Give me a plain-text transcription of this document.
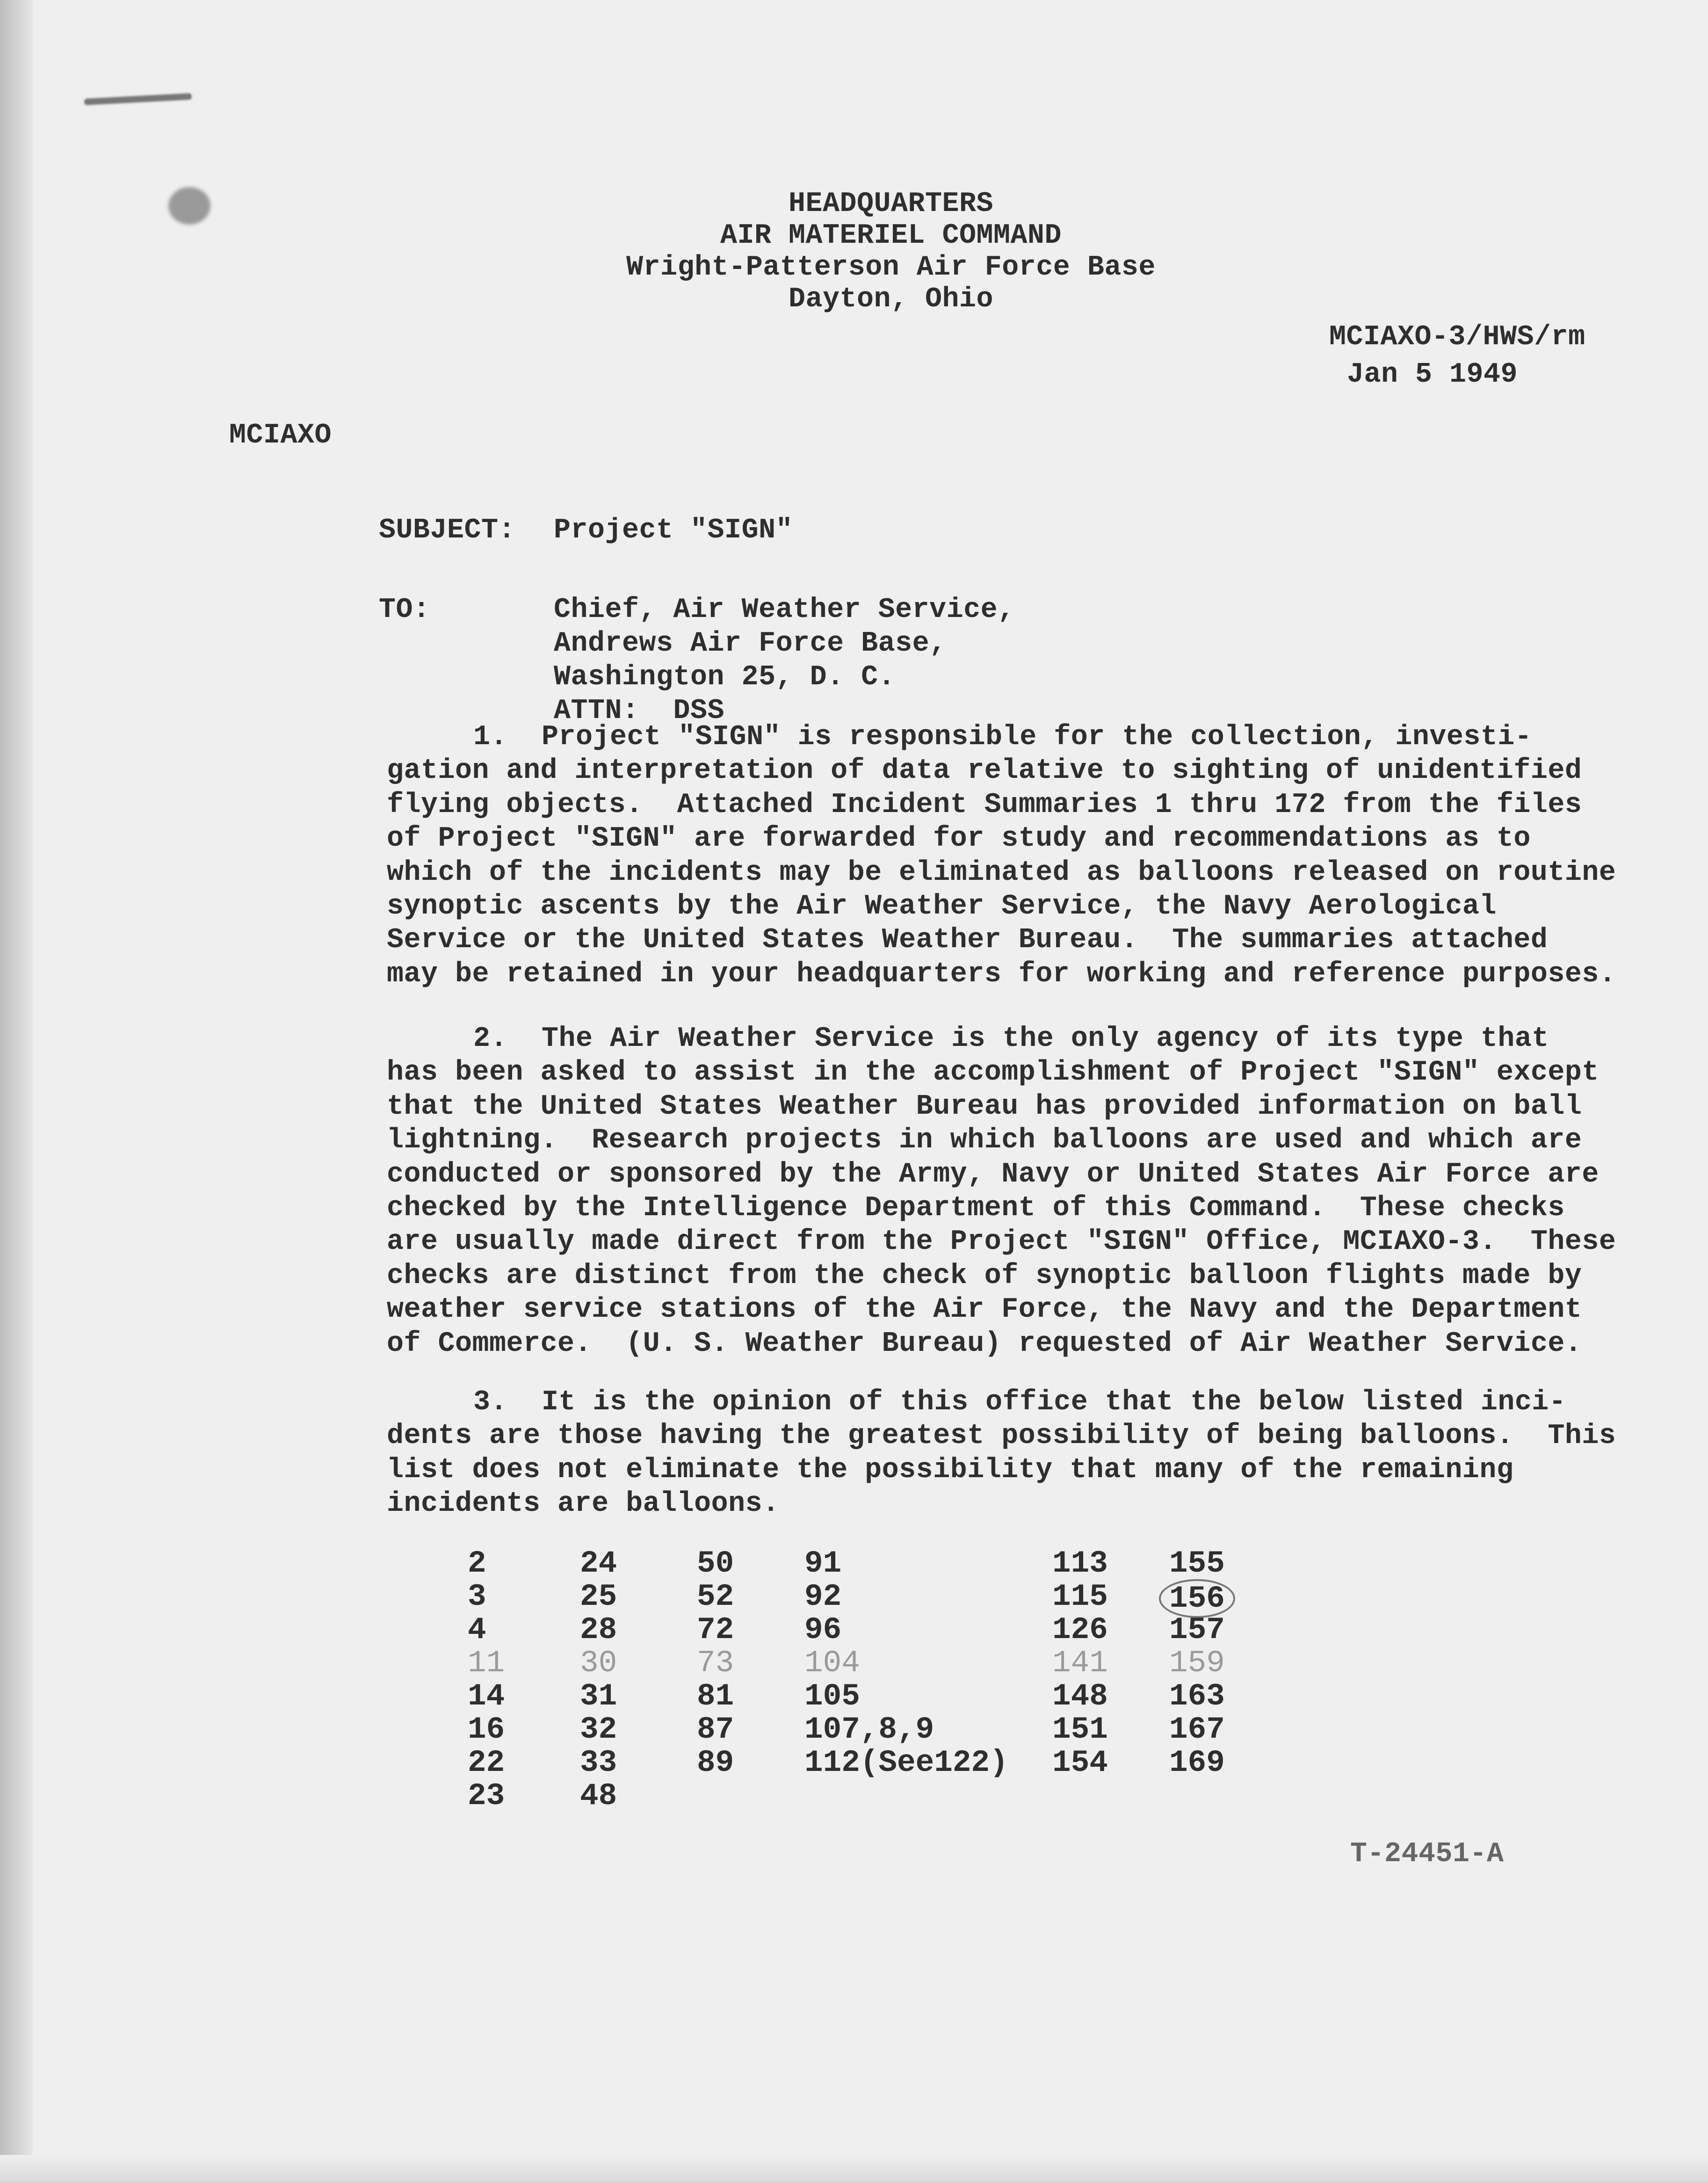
HEADQUARTERS
AIR MATERIEL COMMAND
Wright-Patterson Air Force Base
Dayton, Ohio
MCIAXO-3/HWS/rm
Jan 5 1949
MCIAXO
SUBJECT: Project "SIGN"
TO:	Chief, Air Weather Service,
Andrews Air Force Base,
Washington 25, D. C.
ATTN:  DSS
1.  Project "SIGN" is responsible for the collection, investi-
gation and interpretation of data relative to sighting of unidentified
flying objects.  Attached Incident Summaries 1 thru 172 from the files
of Project "SIGN" are forwarded for study and recommendations as to
which of the incidents may be eliminated as balloons released on routine
synoptic ascents by the Air Weather Service, the Navy Aerological
Service or the United States Weather Bureau.  The summaries attached
may be retained in your headquarters for working and reference purposes.
2.  The Air Weather Service is the only agency of its type that
has been asked to assist in the accomplishment of Project "SIGN" except
that the United States Weather Bureau has provided information on ball
lightning.  Research projects in which balloons are used and which are
conducted or sponsored by the Army, Navy or United States Air Force are
checked by the Intelligence Department of this Command.  These checks
are usually made direct from the Project "SIGN" Office, MCIAXO-3.  These
checks are distinct from the check of synoptic balloon flights made by
weather service stations of the Air Force, the Navy and the Department
of Commerce.  (U. S. Weather Bureau) requested of Air Weather Service.
3.  It is the opinion of this office that the below listed inci-
dents are those having the greatest possibility of being balloons.  This
list does not eliminate the possibility that many of the remaining
incidents are balloons.
2
3
4
11
14
16
22
23
24
25
28
30
31
32
33
48
50
52
72
73
81
87
89
91
92
96
104
105
107,8,9
112(See122)
113
115
126
141
148
151
154
155
156
157
159
163
167
169
T-24451-A
